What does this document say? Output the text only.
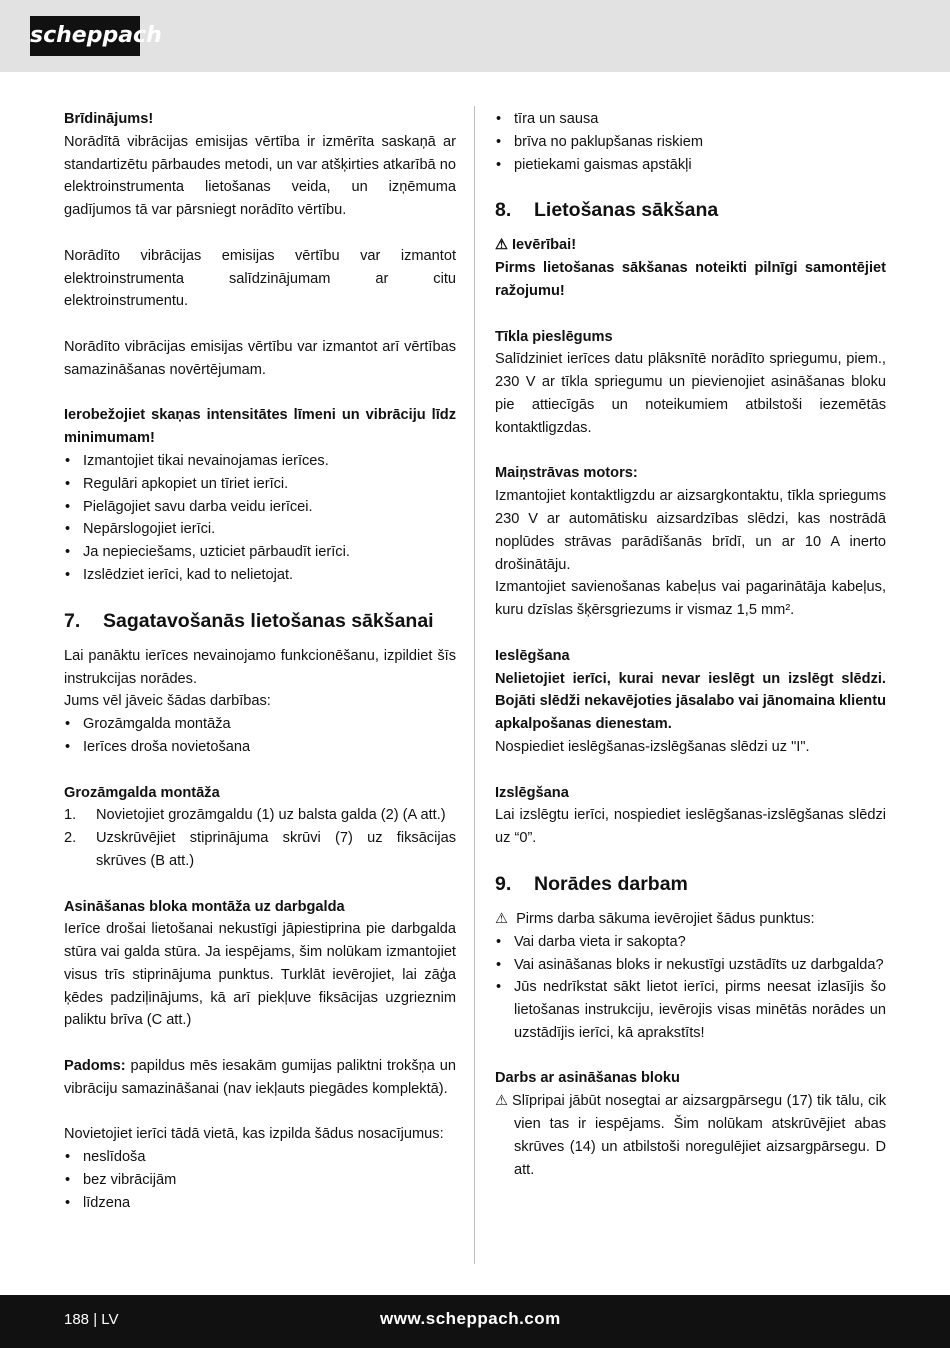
scheppach

Brīdinājums!

Norādītā vibrācijas emisijas vērtība ir izmērīta saskaņā ar standartizētu pārbaudes metodi, un var atšķirties atkarībā no elektroinstrumenta lietošanas veida, un izņēmuma gadījumos tā var pārsniegt norādīto vērtību.

Norādīto vibrācijas emisijas vērtību var izmantot elektroinstrumenta salīdzinājumam ar citu elektroinstrumentu.

Norādīto vibrācijas emisijas vērtību var izmantot arī vērtības samazināšanas novērtējumam.

Ierobežojiet skaņas intensitātes līmeni un vibrāciju līdz minimumam!

• Izmantojiet tikai nevainojamas ierīces.
• Regulāri apkopiet un tīriet ierīci.
• Pielāgojiet savu darba veidu ierīcei.
• Nepārslogojiet ierīci.
• Ja nepieciešams, uzticiet pārbaudīt ierīci.
• Izslēdziet ierīci, kad to nelietojat.
7. Sagatavošanās lietošanas sākšanai

Lai panāktu ierīces nevainojamo funkcionēšanu, izpildiet šīs instrukcijas norādes.

Jums vēl jāveic šādas darbības:

• Grozāmgalda montāža
• Ierīces droša novietošana

Grozāmgalda montāža

1. Novietojiet grozāmgaldu (1) uz balsta galda (2) (A att.)
2. Uzskrūvējiet stiprinājuma skrūvi (7) uz fiksācijas skrūves (B att.)

Asināšanas bloka montāža uz darbgalda

Ierīce drošai lietošanai nekustīgi jāpiestiprina pie darbgalda stūra vai galda stūra. Ja iespējams, šim nolūkam izmantojiet visus trīs stiprinājuma punktus. Turklāt ievērojiet, lai zāģa ķēdes padziļinājums, kā arī piekļuve fiksācijas uzgrieznim paliktu brīva (C att.)

Padoms: papildus mēs iesakām gumijas paliktni trokšņa un vibrāciju samazināšanai (nav iekļauts piegādes komplektā).

Novietojiet ierīci tādā vietā, kas izpilda šādus nosacījumus:

• neslīdoša
• bez vibrācijām
• līdzena
• tīra un sausa
• brīva no paklupšanas riskiem
• pietiekami gaismas apstākļi
8. Lietošanas sākšana

⚠ Ievērībai!

Pirms lietošanas sākšanas noteikti pilnīgi samontējiet ražojumu!

Tīkla pieslēgums

Salīdziniet ierīces datu plāksnītē norādīto spriegumu, piem., 230 V ar tīkla spriegumu un pievienojiet asināšanas bloku pie attiecīgās un noteikumiem atbilstoši iezemētās kontaktligzdas.

Maiņstrāvas motors:

Izmantojiet kontaktligzdu ar aizsargkontaktu, tīkla spriegums 230 V ar automātisku aizsardzības slēdzi, kas nostrādā noplūdes strāvas parādīšanās brīdī, un ar 10 A inerto drošinātāju.

Izmantojiet savienošanas kabeļus vai pagarinātāja kabeļus, kuru dzīslas šķērsgriezums ir vismaz 1,5 mm².

Ieslēgšana

Nelietojiet ierīci, kurai nevar ieslēgt un izslēgt slēdzi. Bojāti slēdži nekavējoties jāsalabo vai jānomaina klientu apkalpošanas dienestam.

Nospiediet ieslēgšanas-izslēgšanas slēdzi uz "I".

Izslēgšana

Lai izslēgtu ierīci, nospiediet ieslēgšanas-izslēgšanas slēdzi uz “0”.

9. Norādes darbam

⚠ Pirms darba sākuma ievērojiet šādus punktus:

• Vai darba vieta ir sakopta?
• Vai asināšanas bloks ir nekustīgi uzstādīts uz darbgalda?
• Jūs nedrīkstat sākt lietot ierīci, pirms neesat izlasījis šo lietošanas instrukciju, ievērojis visas minētās norādes un uzstādījis ierīci, kā aprakstīts!

Darbs ar asināšanas bloku

⚠ Slīpripai jābūt nosegtai ar aizsargpārsegu (17) tik tālu, cik vien tas ir iespējams. Šim nolūkam atskrūvējiet abas skrūves (14) un atbilstoši noregulējiet aizsargpārsegu. D att.

188 | LV	www.scheppach.com
